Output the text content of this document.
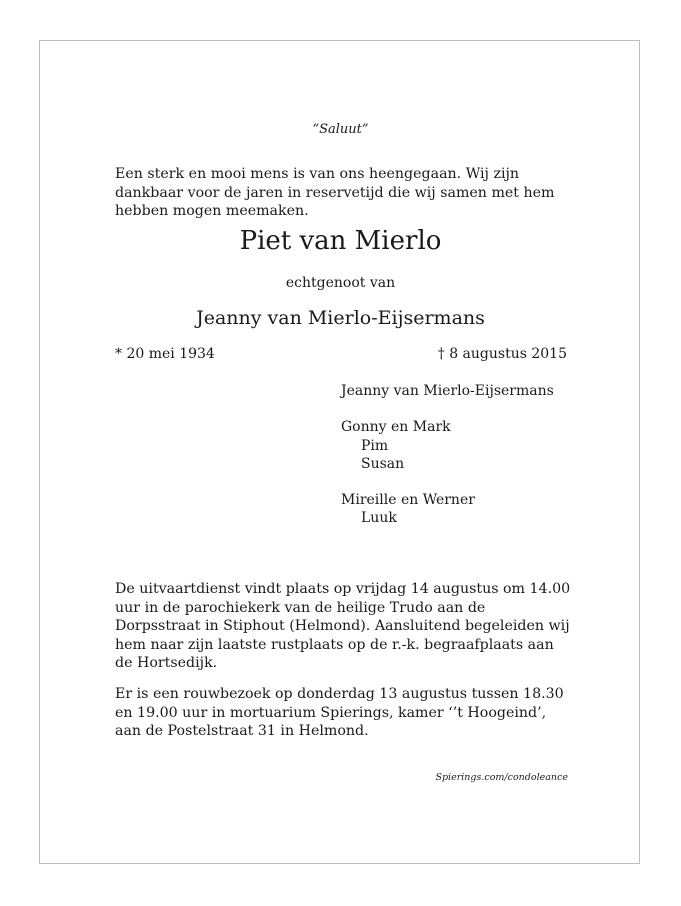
“Saluut”
Een sterk en mooi mens is van ons heengegaan. Wij zijn dankbaar voor de jaren in reservetijd die wij samen met hem hebben mogen meemaken.
Piet van Mierlo
echtgenoot van
Jeanny van Mierlo-Eijsermans
* 20 mei 1934	† 8 augustus 2015
Jeanny van Mierlo-Eijsermans
Gonny en Mark
Pim
Susan
Mireille en Werner
Luuk
De uitvaartdienst vindt plaats op vrijdag 14 augustus om 14.00 uur in de parochiekerk van de heilige Trudo aan de Dorpsstraat in Stiphout (Helmond). Aansluitend begeleiden wij hem naar zijn laatste rustplaats op de r.-k. begraafplaats aan de Hortsedijk.
Er is een rouwbezoek op donderdag 13 augustus tussen 18.30 en 19.00 uur in mortuarium Spierings, kamer ‘’t Hoogeind’, aan de Postelstraat 31 in Helmond.
Spierings.com/condoleance
